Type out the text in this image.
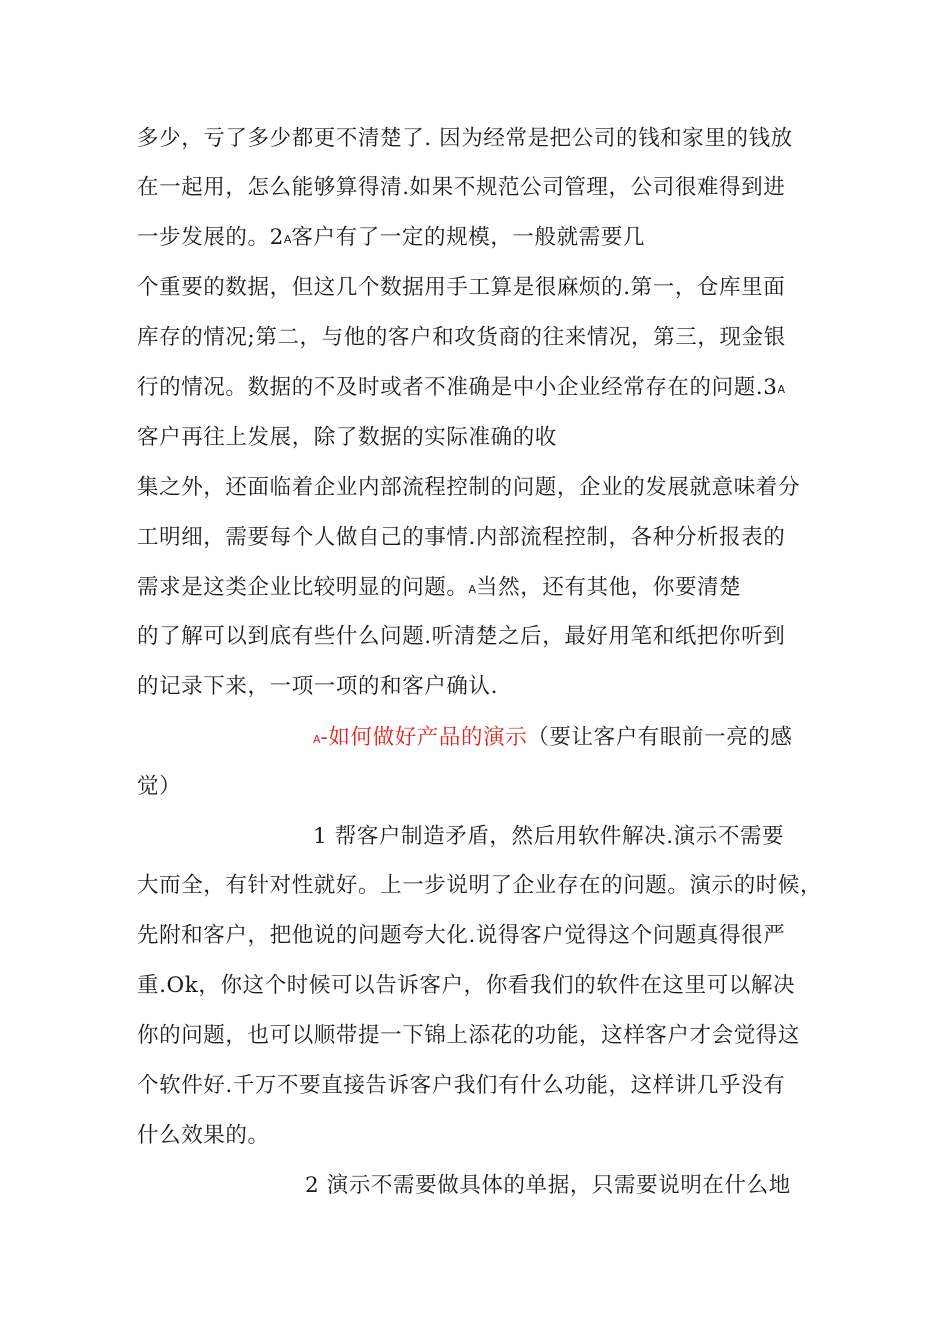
多少，亏了多少都更不清楚了. 因为经常是把公司的钱和家里的钱放
在一起用，怎么能够算得清.如果不规范公司管理，公司很难得到进
一步发展的。2A客户有了一定的规模，一般就需要几
个重要的数据，但这几个数据用手工算是很麻烦的.第一，仓库里面
库存的情况;第二，与他的客户和攻货商的往来情况，第三，现金银
行的情况。数据的不及时或者不准确是中小企业经常存在的问题.3A
客户再往上发展，除了数据的实际准确的收
集之外，还面临着企业内部流程控制的问题，企业的发展就意味着分
工明细，需要每个人做自己的事情.内部流程控制，各种分析报表的
需求是这类企业比较明显的问题。A当然，还有其他，你要清楚
的了解可以到底有些什么问题.听清楚之后，最好用笔和纸把你听到
的记录下来，一项一项的和客户确认.
A-如何做好产品的演示（要让客户有眼前一亮的感
觉）
1 帮客户制造矛盾，然后用软件解决.演示不需要
大而全，有针对性就好。上一步说明了企业存在的问题。演示的时候，
先附和客户，把他说的问题夸大化.说得客户觉得这个问题真得很严
重.Ok，你这个时候可以告诉客户，你看我们的软件在这里可以解决
你的问题，也可以顺带提一下锦上添花的功能，这样客户才会觉得这
个软件好.千万不要直接告诉客户我们有什么功能，这样讲几乎没有
什么效果的。
2 演示不需要做具体的单据，只需要说明在什么地
